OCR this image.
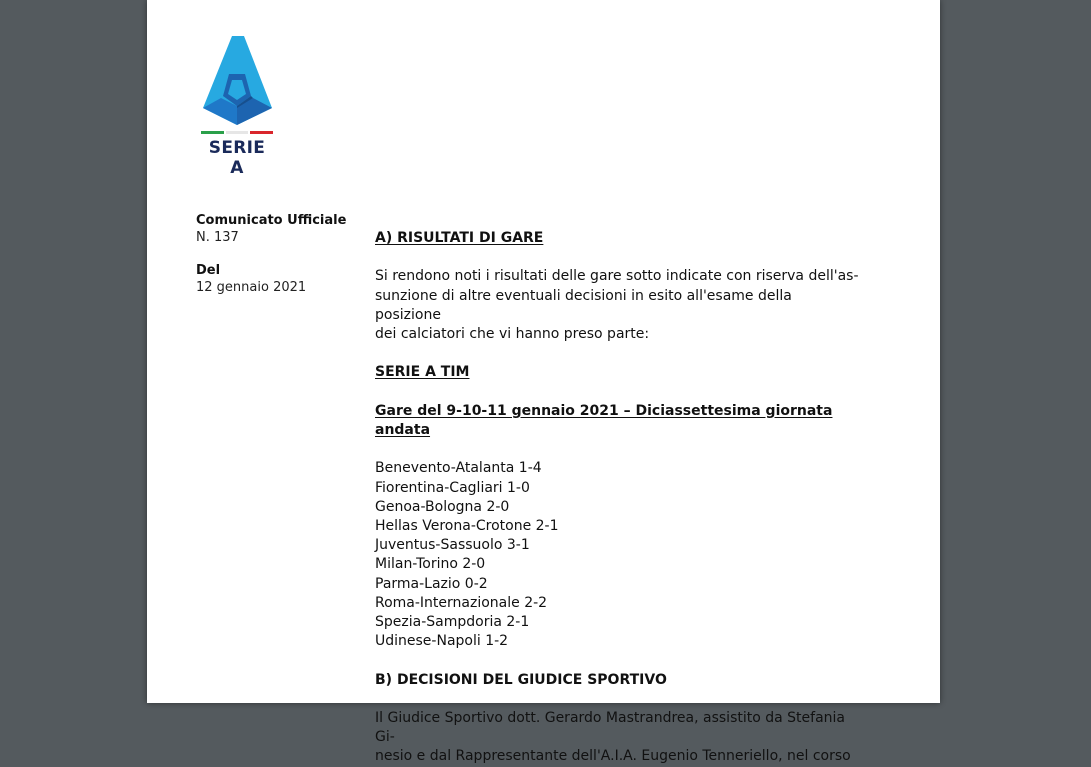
SERIE A
Comunicato Ufficiale
N. 137
Del
12 gennaio 2021

A) RISULTATI DI GARE

Si rendono noti i risultati delle gare sotto indicate con riserva dell'as-
sunzione di altre eventuali decisioni in esito all'esame della posizione
dei calciatori che vi hanno preso parte:

SERIE A TIM

Gare del 9-10-11 gennaio 2021 – Diciassettesima giornata andata

Benevento-Atalanta 1-4
Fiorentina-Cagliari 1-0
Genoa-Bologna 2-0
Hellas Verona-Crotone 2-1
Juventus-Sassuolo 3-1
Milan-Torino 2-0
Parma-Lazio 0-2
Roma-Internazionale 2-2
Spezia-Sampdoria 2-1
Udinese-Napoli 1-2

B) DECISIONI DEL GIUDICE SPORTIVO

Il Giudice Sportivo dott. Gerardo Mastrandrea, assistito da Stefania Gi-
nesio e dal Rappresentante dell'A.I.A. Eugenio Tenneriello, nel corso
